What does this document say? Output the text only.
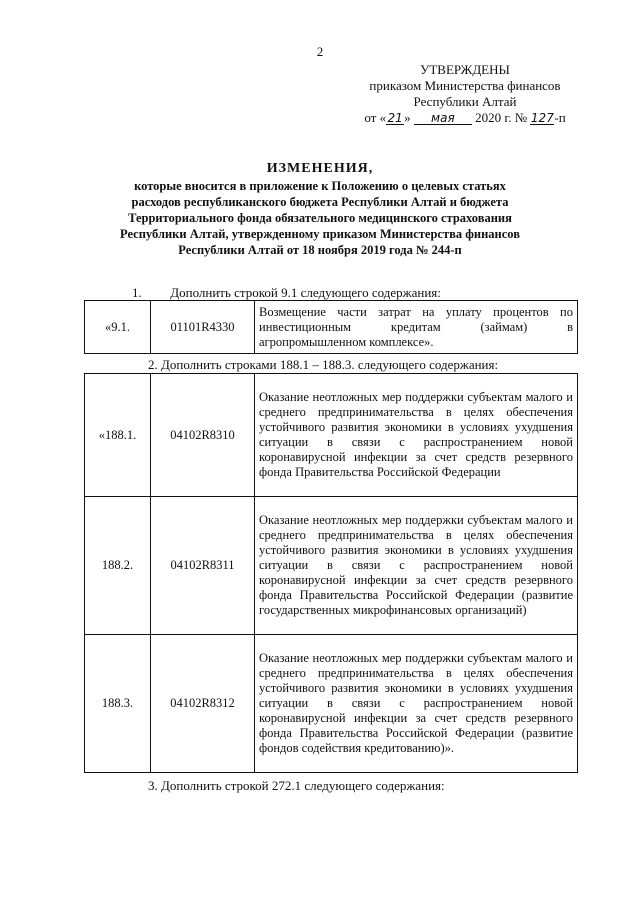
2
УТВЕРЖДЕНЫ
приказом Министерства финансов
Республики Алтай
от «21» мая 2020 г. № 127-п
ИЗМЕНЕНИЯ,
которые вносится в приложение к Положению о целевых статьях
расходов республиканского бюджета Республики Алтай и бюджета
Территориального фонда обязательного медицинского страхования
Республики Алтай, утвержденному приказом Министерства финансов
Республики Алтай от 18 ноября 2019 года № 244-п
1. Дополнить строкой 9.1 следующего содержания:
«9.1.	01101R4330	Возмещение части затрат на уплату процентов по инвестиционным кредитам (займам) в агропромышленном комплексе».
2. Дополнить строками 188.1 – 188.3. следующего содержания:
«188.1.	04102R8310	Оказание неотложных мер поддержки субъектам малого и среднего предпринимательства в целях обеспечения устойчивого развития экономики в условиях ухудшения ситуации в связи с распространением новой коронавирусной инфекции за счет средств резервного фонда Правительства Российской Федерации
188.2.	04102R8311	Оказание неотложных мер поддержки субъектам малого и среднего предпринимательства в целях обеспечения устойчивого развития экономики в условиях ухудшения ситуации в связи с распространением новой коронавирусной инфекции за счет средств резервного фонда Правительства Российской Федерации (развитие государственных микрофинансовых организаций)
188.3.	04102R8312	Оказание неотложных мер поддержки субъектам малого и среднего предпринимательства в целях обеспечения устойчивого развития экономики в условиях ухудшения ситуации в связи с распространением новой коронавирусной инфекции за счет средств резервного фонда Правительства Российской Федерации (развитие фондов содействия кредитованию)».
3. Дополнить строкой 272.1 следующего содержания:
